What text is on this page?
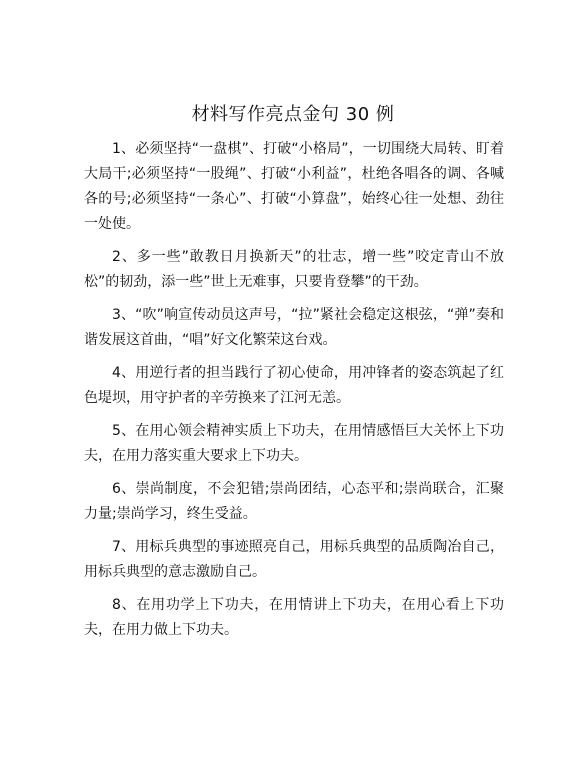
材料写作亮点金句 30 例

1、必须坚持“一盘棋”、打破“小格局”，一切围绕大局转、盯着大局干;必须坚持“一股绳”、打破“小利益”，杜绝各唱各的调、各喊各的号;必须坚持“一条心”、打破“小算盘”，始终心往一处想、劲往一处使。

2、多一些”敢教日月换新天”的壮志，增一些”咬定青山不放松”的韧劲，添一些”世上无难事，只要肯登攀”的干劲。

3、“吹”响宣传动员这声号，“拉”紧社会稳定这根弦，“弹”奏和谐发展这首曲，“唱”好文化繁荣这台戏。

4、用逆行者的担当践行了初心使命，用冲锋者的姿态筑起了红色堤坝，用守护者的辛劳换来了江河无恙。

5、在用心领会精神实质上下功夫，在用情感悟巨大关怀上下功夫，在用力落实重大要求上下功夫。

6、崇尚制度，不会犯错;崇尚团结，心态平和;崇尚联合，汇聚力量;崇尚学习，终生受益。

7、用标兵典型的事迹照亮自己，用标兵典型的品质陶冶自己，用标兵典型的意志激励自己。

8、在用功学上下功夫，在用情讲上下功夫，在用心看上下功夫，在用力做上下功夫。
